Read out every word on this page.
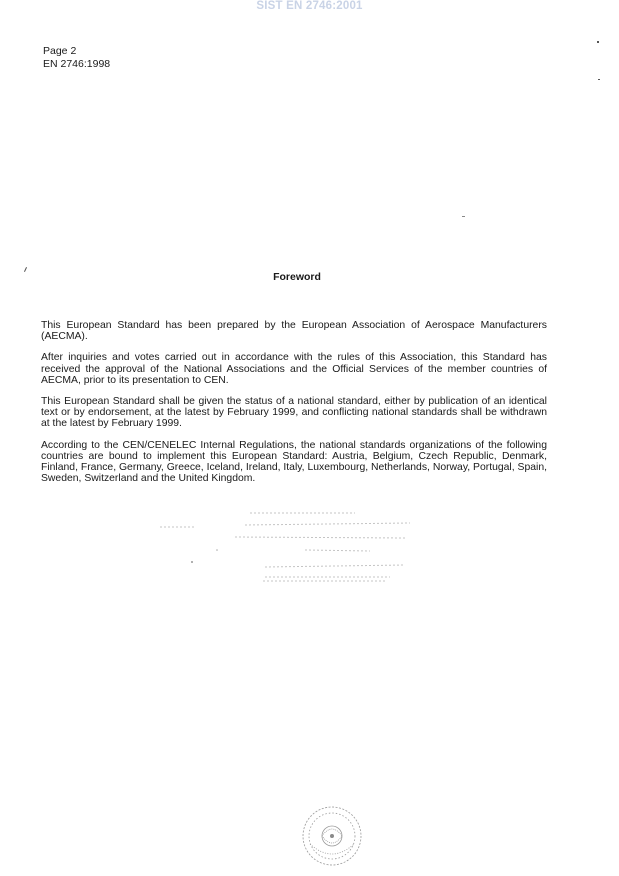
SIST EN 2746:2001
Page 2
EN 2746:1998
Foreword

This European Standard has been prepared by the European Association of Aerospace Manufacturers (AECMA).

After inquiries and votes carried out in accordance with the rules of this Association, this Standard has received the approval of the National Associations and the Official Services of the member countries of AECMA, prior to its presentation to CEN.

This European Standard shall be given the status of a national standard, either by publication of an identical text or by endorsement, at the latest by February 1999, and conflicting national standards shall be withdrawn at the latest by February 1999.

According to the CEN/CENELEC Internal Regulations, the national standards organizations of the following countries are bound to implement this European Standard: Austria, Belgium, Czech Republic, Denmark, Finland, France, Germany, Greece, Iceland, Ireland, Italy, Luxembourg, Netherlands, Norway, Portugal, Spain, Sweden, Switzerland and the United Kingdom.
